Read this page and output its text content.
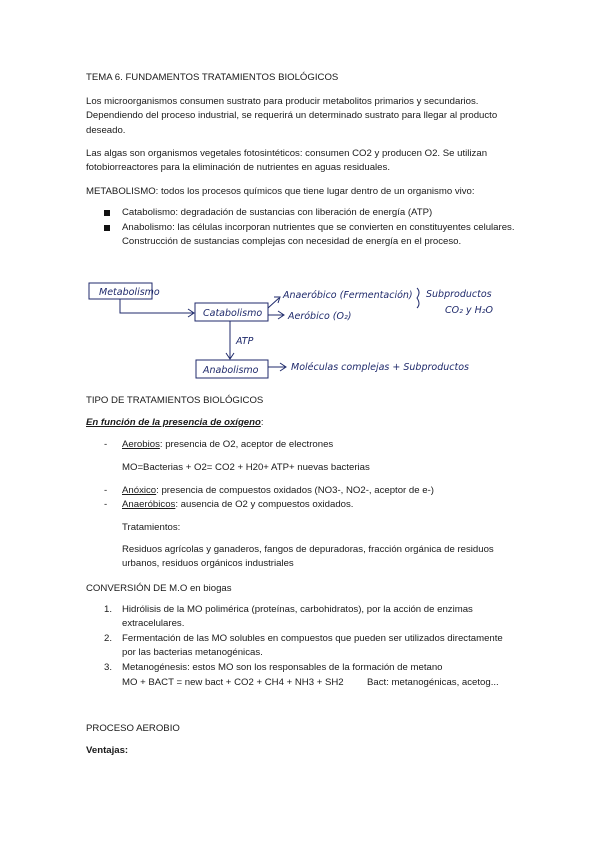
TEMA 6. FUNDAMENTOS TRATAMIENTOS BIOLÓGICOS
Los microorganismos consumen sustrato para producir metabolitos primarios y secundarios. Dependiendo del proceso industrial, se requerirá un determinado sustrato para llegar al producto deseado.
Las algas son organismos vegetales fotosintéticos: consumen CO2 y producen O2. Se utilizan fotobiorreactores para la eliminación de nutrientes en aguas residuales.
METABOLISMO: todos los procesos químicos que tiene lugar dentro de un organismo vivo:
Catabolismo: degradación de sustancias con liberación de energía (ATP)
Anabolismo: las células incorporan nutrientes que se convierten en constituyentes celulares. Construcción de sustancias complejas con necesidad de energía en el proceso.
Metabolismo
Catabolismo
Anabolismo
Anaeróbico (Fermentación)
Aeróbico (O₂)
Subproductos
CO₂ y H₂O
ATP
Moléculas complejas + Subproductos
TIPO DE TRATAMIENTOS BIOLÓGICOS
En función de la presencia de oxígeno:
- Aerobios: presencia de O2, aceptor de electrones
MO=Bacterias + O2= CO2 + H20+ ATP+ nuevas bacterias
- Anóxico: presencia de compuestos oxidados (NO3-, NO2-, aceptor de e-)
- Anaeróbicos: ausencia de O2 y compuestos oxidados.
Tratamientos:
Residuos agrícolas y ganaderos, fangos de depuradoras, fracción orgánica de residuos urbanos, residuos orgánicos industriales
CONVERSIÓN DE M.O en biogas
1. Hidrólisis de la MO polimérica (proteínas, carbohidratos), por la acción de enzimas extracelulares.
2. Fermentación de las MO solubles en compuestos que pueden ser utilizados directamente por las bacterias metanogénicas.
3. Metanogénesis: estos MO son los responsables de la formación de metano
MO + BACT = new bact + CO2 + CH4 + NH3 + SH2 Bact: metanogénicas, acetog...
PROCESO AEROBIO
Ventajas:
